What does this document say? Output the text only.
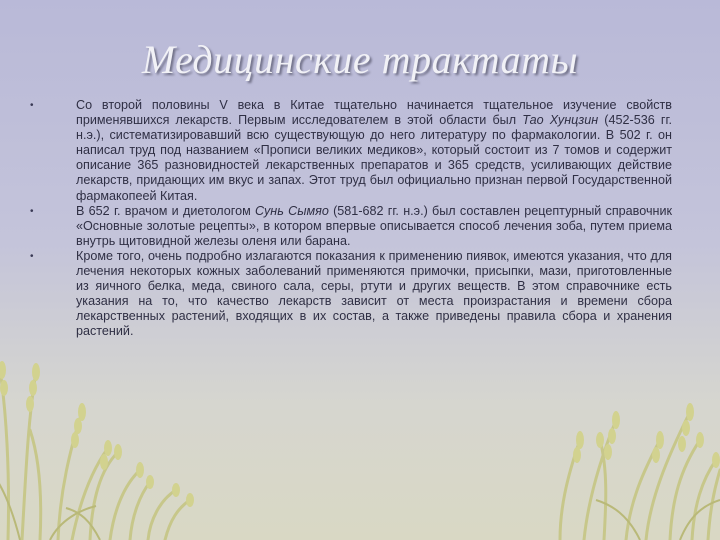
Медицинские трактаты
•	Со второй половины V века в Китае тщательно начинается тщательное изучение свойств применявшихся лекарств. Первым исследователем в этой области был Тао Хунцзин (452-536 гг. н.э.), систематизировавший всю существующую до него литературу по фармакологии. В 502 г. он написал труд под названием «Прописи великих медиков», который состоит из 7 томов и содержит описание 365 разновидностей лекарственных препаратов и 365 средств, усиливающих действие лекарств, придающих им вкус и запах. Этот труд был официально признан первой Государственной фармакопеей Китая.
•	В 652 г. врачом и диетологом Сунь Сымяо (581-682 гг. н.э.) был составлен рецептурный справочник «Основные золотые рецепты», в котором впервые описывается способ лечения зоба, путем приема внутрь щитовидной железы оленя или барана.
•	Кроме того, очень подробно излагаются показания к применению пиявок, имеются указания, что для лечения некоторых кожных заболеваний применяются примочки, присыпки, мази, приготовленные из яичного белка, меда, свиного сала, серы, ртути и других веществ. В этом справочнике есть указания на то, что качество лекарств зависит от места произрастания и времени сбора лекарственных растений, входящих в их состав, а также приведены правила сбора и хранения растений.
